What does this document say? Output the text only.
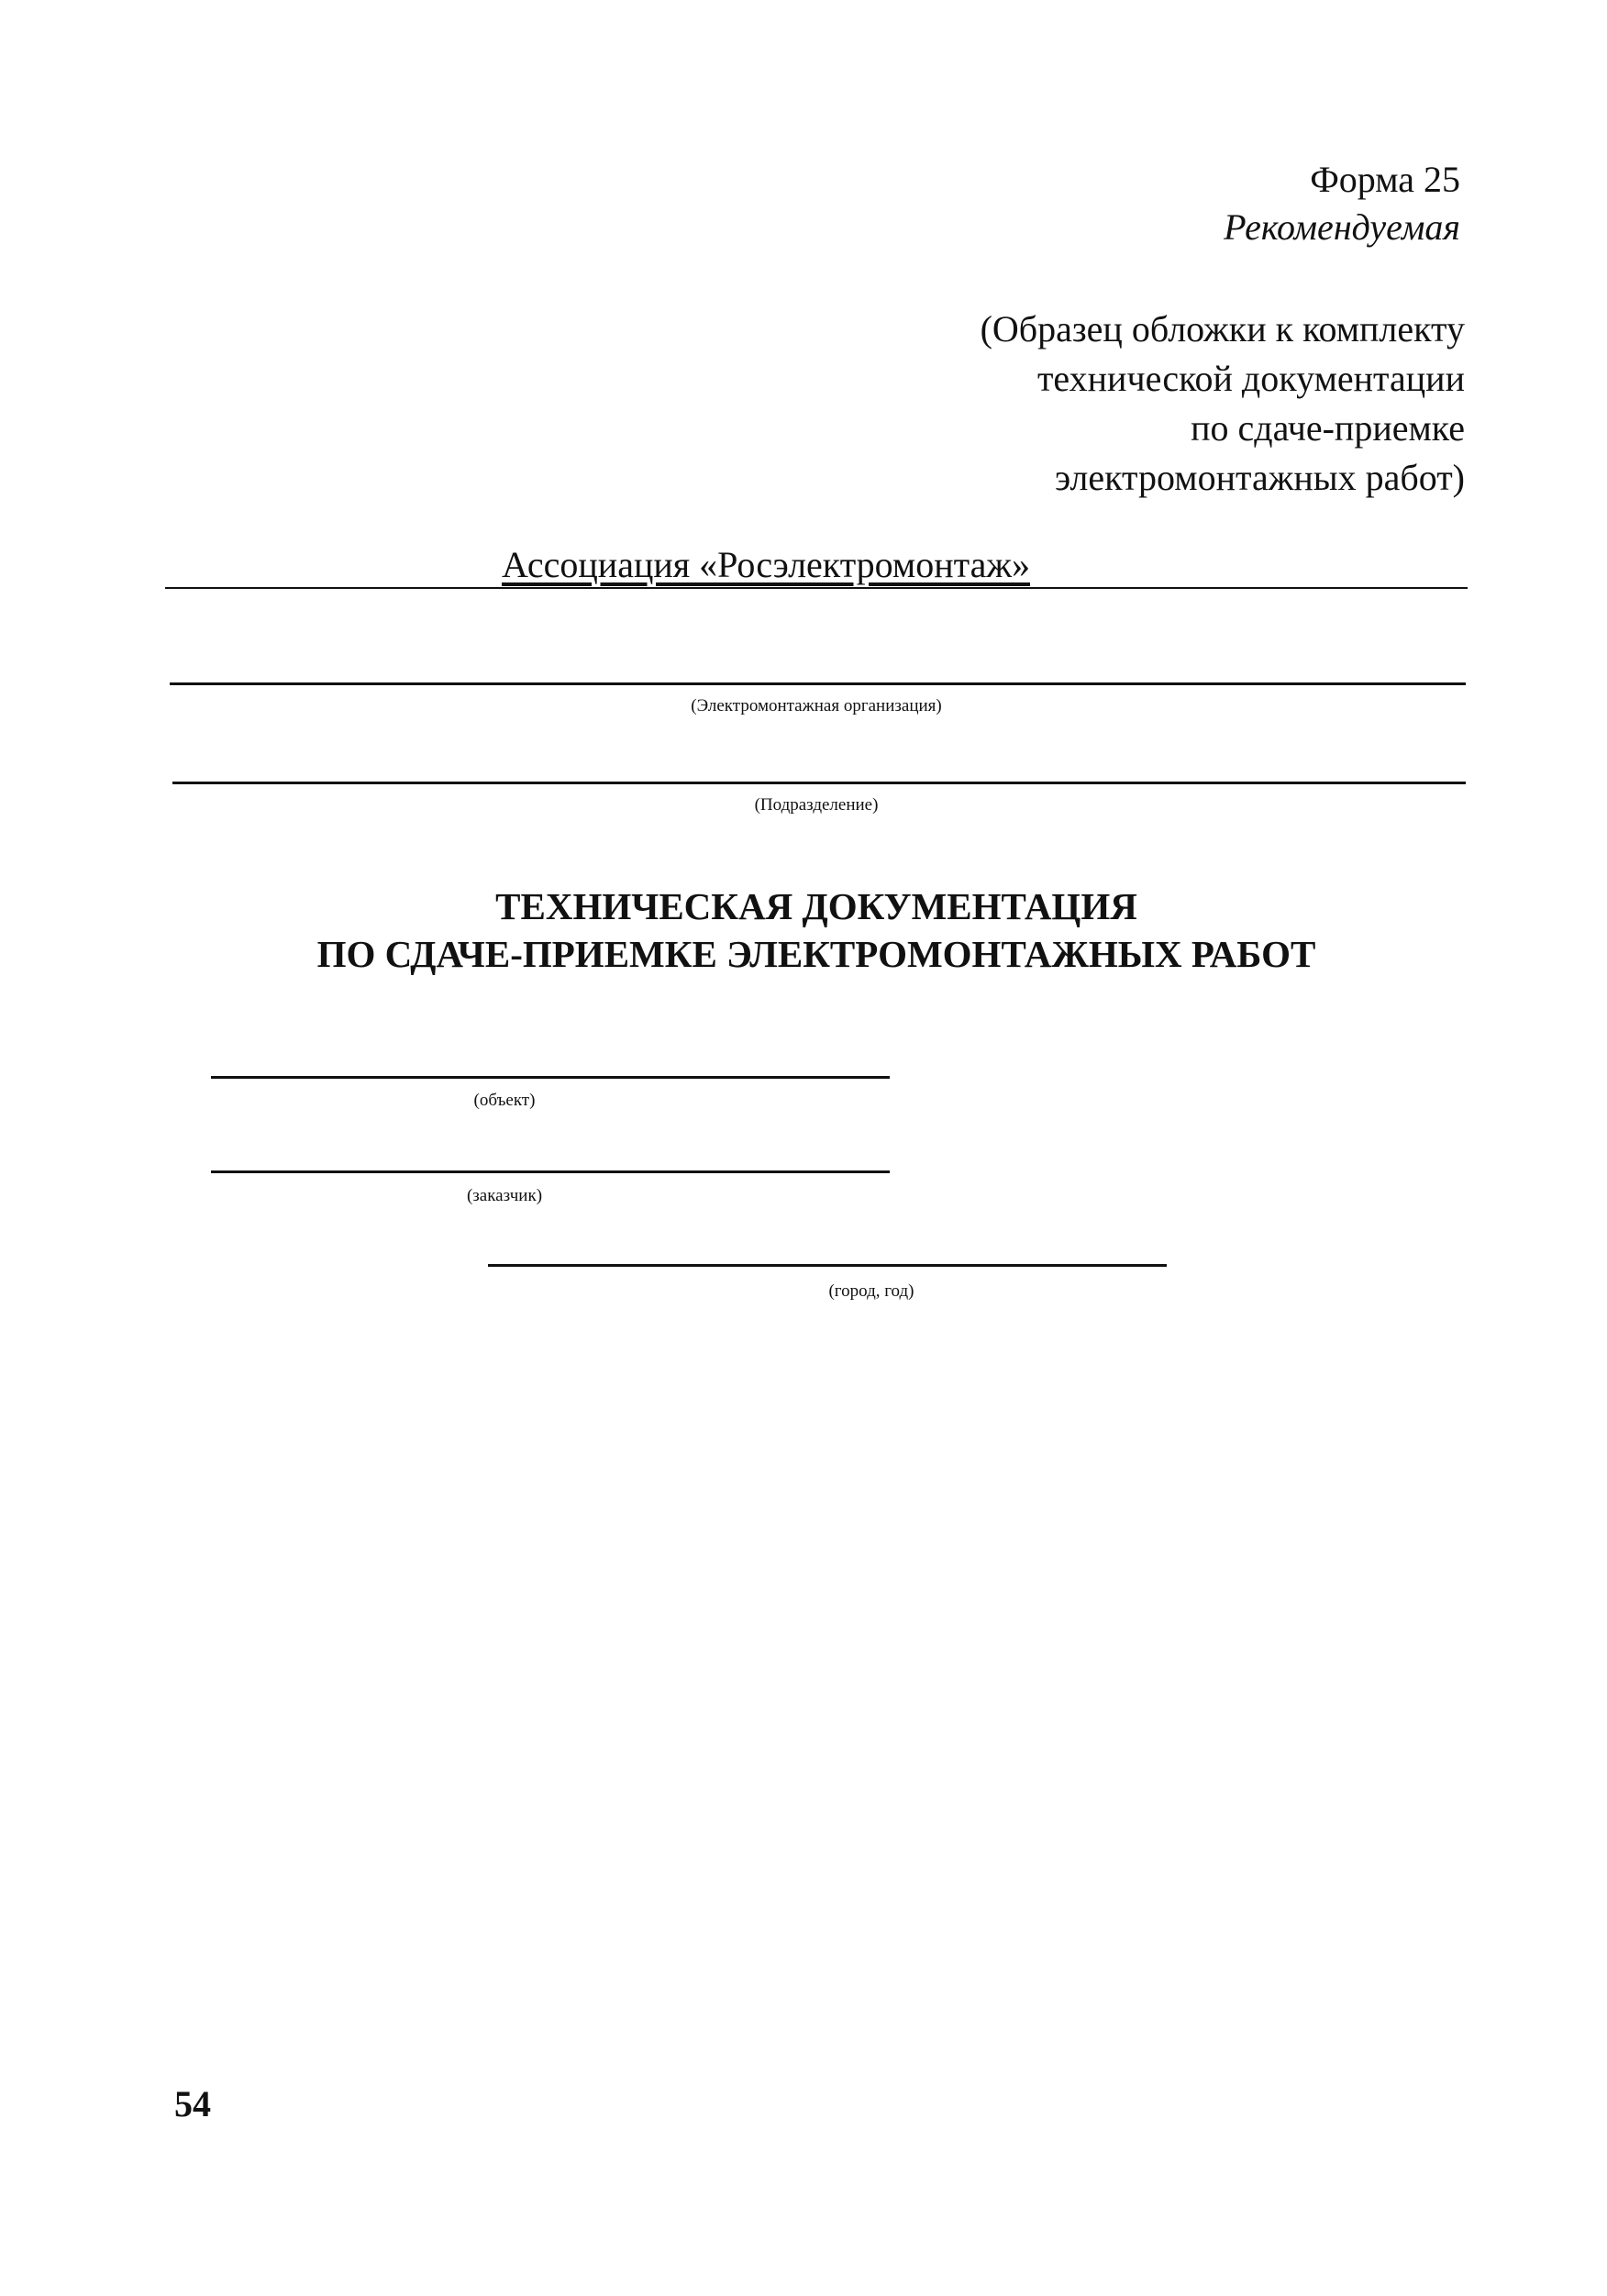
Форма 25
Рекомендуемая
(Образец обложки к комплекту
технической документации
по сдаче-приемке
электромонтажных работ)
Ассоциация «Росэлектромонтаж»
(Электромонтажная организация)
(Подразделение)
ТЕХНИЧЕСКАЯ ДОКУМЕНТАЦИЯ
ПО СДАЧЕ-ПРИЕМКЕ ЭЛЕКТРОМОНТАЖНЫХ РАБОТ
(объект)
(заказчик)
(город, год)
54
